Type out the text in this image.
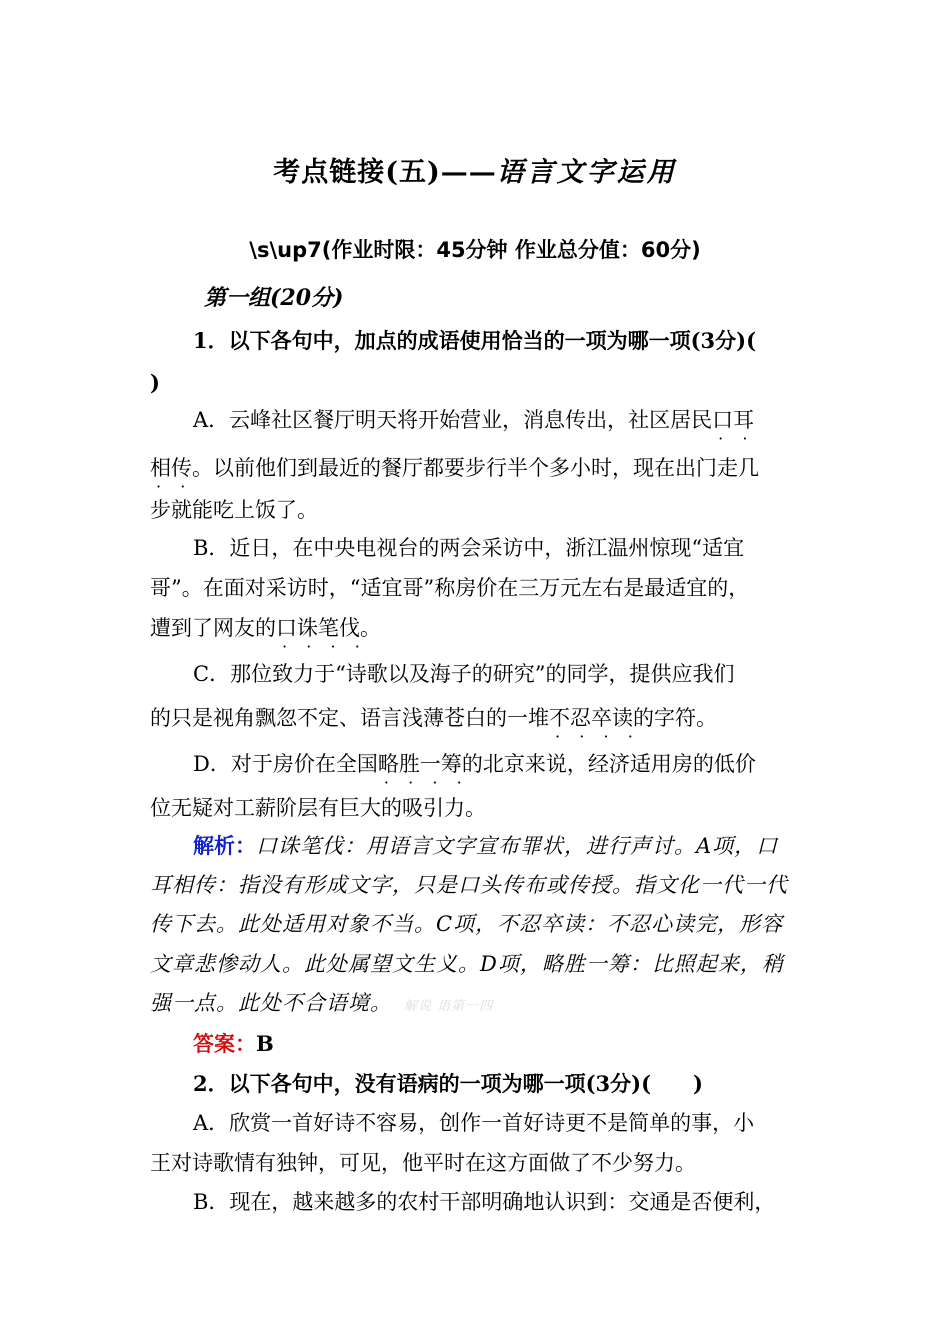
考点链接(五)——语言文字运用
\s\up7(作业时限：45分钟 作业总分值：60分)
第一组(20分)
1．以下各句中，加点的成语使用恰当的一项为哪一项(3分)(
)
A．云峰社区餐厅明天将开始营业，消息传出，社区居民口耳 · ·
相传 · ·。以前他们到最近的餐厅都要步行半个多小时，现在出门走几
步就能吃上饭了。
B．近日，在中央电视台的两会采访中，浙江温州惊现“适宜
哥”。在面对采访时，“适宜哥”称房价在三万元左右是最适宜的，
遭到了网友的口诛笔伐 · ·。
C．那位致力于“诗歌以及海子的研究”的同学，提供应我们
的只是视角飘忽不定、语言浅薄苍白的一堆不忍卒读 · ·的字符。
D．对于房价在全国略胜一筹 · ·的北京来说，经济适用房的低价
位无疑对工薪阶层有巨大的吸引力。
解析：口诛笔伐：用语言文字宣布罪状，进行声讨。A项，口
耳相传：指没有形成文字，只是口头传布或传授。指文化一代一代
传下去。此处适用对象不当。C项，不忍卒读：不忍心读完，形容
文章悲惨动人。此处属望文生义。D项，略胜一筹：比照起来，稍
强一点。此处不合语境。 解说 语第一四
答案：B
2．以下各句中，没有语病的一项为哪一项(3分)(　　)
A．欣赏一首好诗不容易，创作一首好诗更不是简单的事，小
王对诗歌情有独钟，可见，他平时在这方面做了不少努力。
B．现在，越来越多的农村干部明确地认识到：交通是否便利，
